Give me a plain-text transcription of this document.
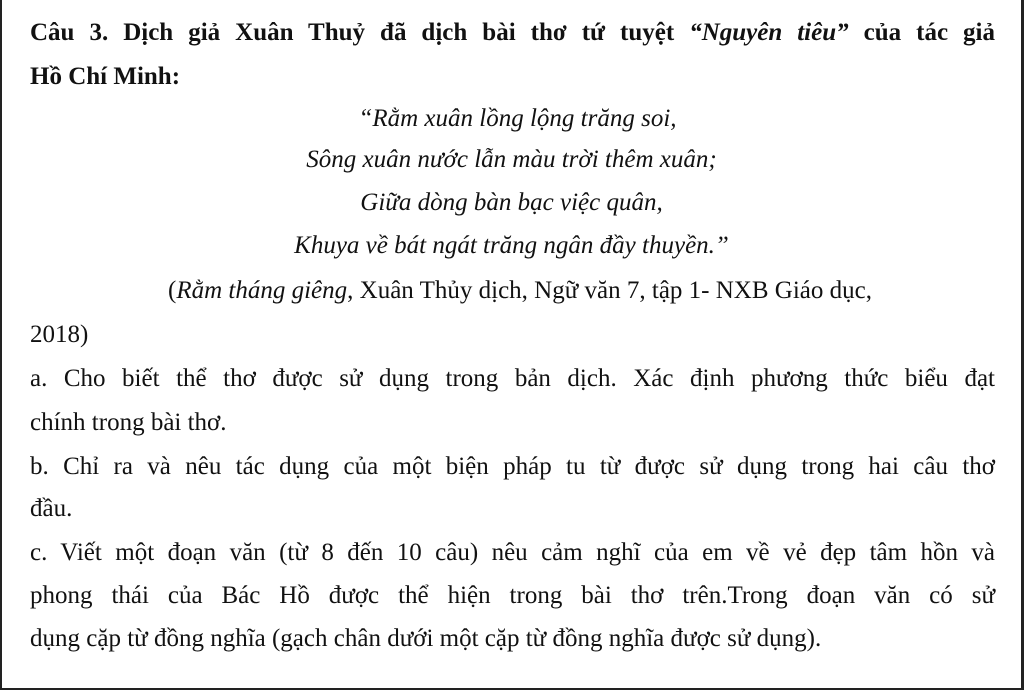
Câu 3. Dịch giả Xuân Thuỷ đã dịch bài thơ tứ tuyệt “Nguyên tiêu” của tác giả
Hồ Chí Minh:
“Rằm xuân lồng lộng trăng soi,
Sông xuân nước lẫn màu trời thêm xuân;
Giữa dòng bàn bạc việc quân,
Khuya về bát ngát trăng ngân đầy thuyền.”
(Rằm tháng giêng, Xuân Thủy dịch, Ngữ văn 7, tập 1- NXB Giáo dục,
2018)
a. Cho biết thể thơ được sử dụng trong bản dịch. Xác định phương thức biểu đạt
chính trong bài thơ.
b. Chỉ ra và nêu tác dụng của một biện pháp tu từ được sử dụng trong hai câu thơ
đầu.
c. Viết một đoạn văn (từ 8 đến 10 câu) nêu cảm nghĩ của em về vẻ đẹp tâm hồn và
phong thái của Bác Hồ được thể hiện trong bài thơ trên.Trong đoạn văn có sử
dụng cặp từ đồng nghĩa (gạch chân dưới một cặp từ đồng nghĩa được sử dụng).
